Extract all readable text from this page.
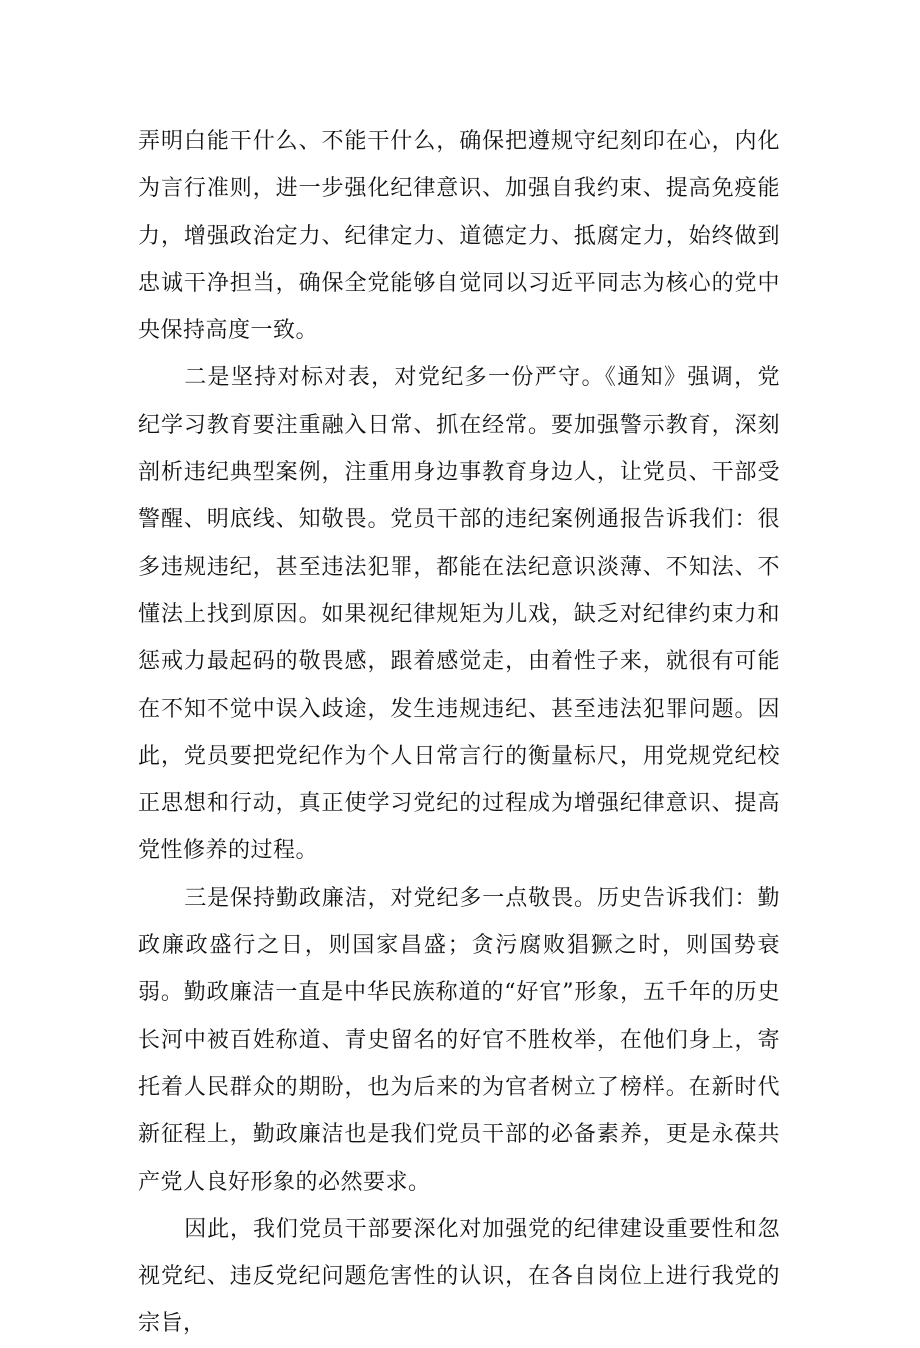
弄明白能干什么、不能干什么，确保把遵规守纪刻印在心，内化为言行准则，进一步强化纪律意识、加强自我约束、提高免疫能力，增强政治定力、纪律定力、道德定力、抵腐定力，始终做到忠诚干净担当，确保全党能够自觉同以习近平同志为核心的党中央保持高度一致。

二是坚持对标对表，对党纪多一份严守。《通知》强调，党纪学习教育要注重融入日常、抓在经常。要加强警示教育，深刻剖析违纪典型案例，注重用身边事教育身边人，让党员、干部受警醒、明底线、知敬畏。党员干部的违纪案例通报告诉我们：很多违规违纪，甚至违法犯罪，都能在法纪意识淡薄、不知法、不懂法上找到原因。如果视纪律规矩为儿戏，缺乏对纪律约束力和惩戒力最起码的敬畏感，跟着感觉走，由着性子来，就很有可能在不知不觉中误入歧途，发生违规违纪、甚至违法犯罪问题。因此，党员要把党纪作为个人日常言行的衡量标尺，用党规党纪校正思想和行动，真正使学习党纪的过程成为增强纪律意识、提高党性修养的过程。

三是保持勤政廉洁，对党纪多一点敬畏。历史告诉我们：勤政廉政盛行之日，则国家昌盛；贪污腐败猖獗之时，则国势衰弱。勤政廉洁一直是中华民族称道的“好官”形象，五千年的历史长河中被百姓称道、青史留名的好官不胜枚举，在他们身上，寄托着人民群众的期盼，也为后来的为官者树立了榜样。在新时代新征程上，勤政廉洁也是我们党员干部的必备素养，更是永葆共产党人良好形象的必然要求。

因此，我们党员干部要深化对加强党的纪律建设重要性和忽视党纪、违反党纪问题危害性的认识，在各自岗位上进行我党的宗旨，
